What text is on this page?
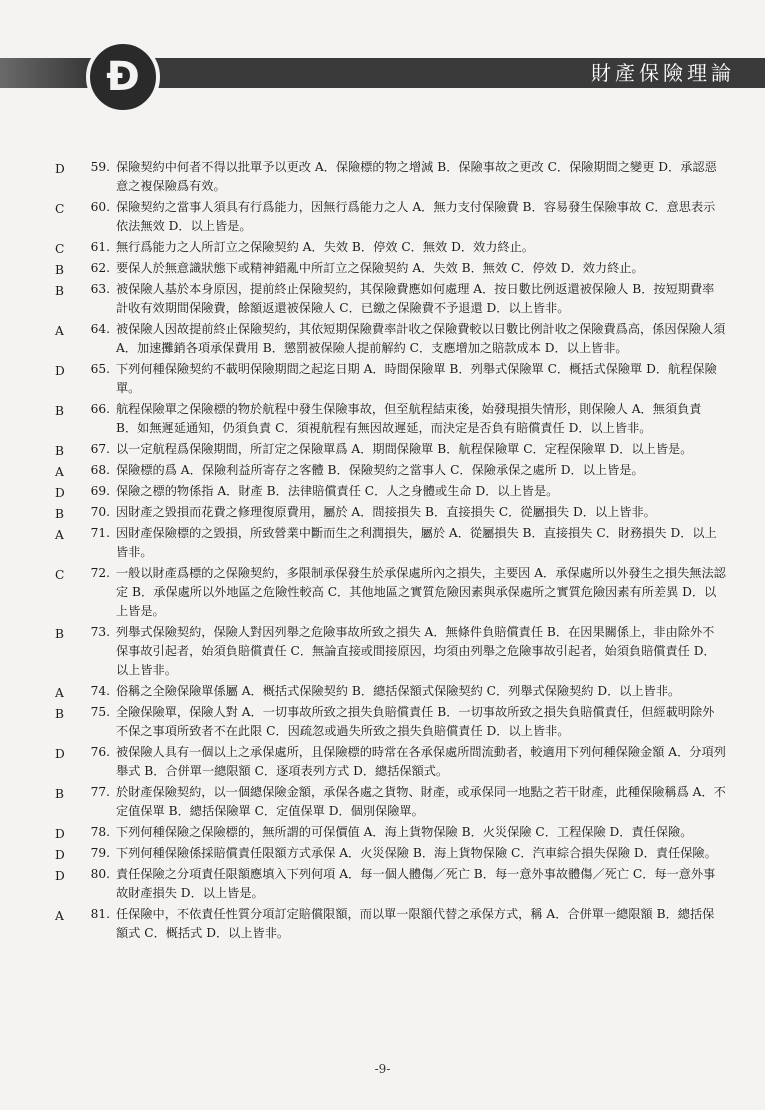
Ð	財產保險理論
D	59. 保險契約中何者不得以批單予以更改 A．保險標的物之增減 B．保險事故之更改 C．保險期間之變更 D．承認惡意之複保險爲有效。
C	60. 保險契約之當事人須具有行爲能力，因無行爲能力之人 A．無力支付保險費 B．容易發生保險事故 C．意思表示依法無效 D．以上皆是。
C	61. 無行爲能力之人所訂立之保險契約 A．失效 B．停效 C．無效 D．效力終止。
B	62. 要保人於無意識狀態下或精神錯亂中所訂立之保險契約 A．失效 B．無效 C．停效 D．效力終止。
B	63. 被保險人基於本身原因，提前終止保險契約，其保險費應如何處理 A．按日數比例返還被保險人 B．按短期費率計收有效期間保險費，餘額返還被保險人 C．已繳之保險費不予退還 D．以上皆非。
A	64. 被保險人因故提前終止保險契約，其依短期保險費率計收之保險費較以日數比例計收之保險費爲高，係因保險人須 A．加速攤銷各項承保費用 B．懲罰被保險人提前解約 C．支應增加之賠款成本 D．以上皆非。
D	65. 下列何種保險契約不載明保險期間之起迄日期 A．時間保險單 B．列舉式保險單 C．概括式保險單 D．航程保險單。
B	66. 航程保險單之保險標的物於航程中發生保險事故，但至航程結束後，始發現損失情形，則保險人 A．無須負責 B．如無遲延通知，仍須負責 C．須視航程有無因故遲延，而決定是否負有賠償責任 D．以上皆非。
B	67. 以一定航程爲保險期間，所訂定之保險單爲 A．期間保險單 B．航程保險單 C．定程保險單 D．以上皆是。
A	68. 保險標的爲 A．保險利益所寄存之客體 B．保險契約之當事人 C．保險承保之處所 D．以上皆是。
D	69. 保險之標的物係指 A．財產 B．法律賠償責任 C．人之身體或生命 D．以上皆是。
B	70. 因財產之毀損而花費之修理復原費用，屬於 A．間接損失 B．直接損失 C．從屬損失 D．以上皆非。
A	71. 因財產保險標的之毀損，所致營業中斷而生之利潤損失，屬於 A．從屬損失 B．直接損失 C．財務損失 D．以上皆非。
C	72. 一般以財產爲標的之保險契約，多限制承保發生於承保處所內之損失，主要因 A．承保處所以外發生之損失無法認定 B．承保處所以外地區之危險性較高 C．其他地區之實質危險因素與承保處所之實質危險因素有所差異 D．以上皆是。
B	73. 列舉式保險契約，保險人對因列舉之危險事故所致之損失 A．無條件負賠償責任 B．在因果關係上，非由除外不保事故引起者，始須負賠償責任 C．無論直接或間接原因，均須由列舉之危險事故引起者，始須負賠償責任 D．以上皆非。
A	74. 俗稱之全險保險單係屬 A．概括式保險契約 B．總括保額式保險契約 C．列舉式保險契約 D．以上皆非。
B	75. 全險保險單，保險人對 A．一切事故所致之損失負賠償責任 B．一切事故所致之損失負賠償責任，但經載明除外不保之事項所致者不在此限 C．因疏忽或過失所致之損失負賠償責任 D．以上皆非。
D	76. 被保險人具有一個以上之承保處所，且保險標的時常在各承保處所間流動者，較適用下列何種保險金額 A．分項列舉式 B．合併單一總限額 C．逐項表列方式 D．總括保額式。
B	77. 於財產保險契約，以一個總保險金額，承保各處之貨物、財產，或承保同一地點之若干財產，此種保險稱爲 A．不定值保單 B．總括保險單 C．定值保單 D．個別保險單。
D	78. 下列何種保險之保險標的，無所謂的可保價值 A．海上貨物保險 B．火災保險 C．工程保險 D．責任保險。
D	79. 下列何種保險係採賠償責任限額方式承保 A．火災保險 B．海上貨物保險 C．汽車綜合損失保險 D．責任保險。
D	80. 責任保險之分項責任限額應填入下列何項 A．每一個人體傷／死亡 B．每一意外事故體傷／死亡 C．每一意外事故財產損失 D．以上皆是。
A	81. 任保險中，不依責任性質分項訂定賠償限額，而以單一限額代替之承保方式，稱 A．合併單一總限額 B．總括保額式 C．概括式 D．以上皆非。
-9-
